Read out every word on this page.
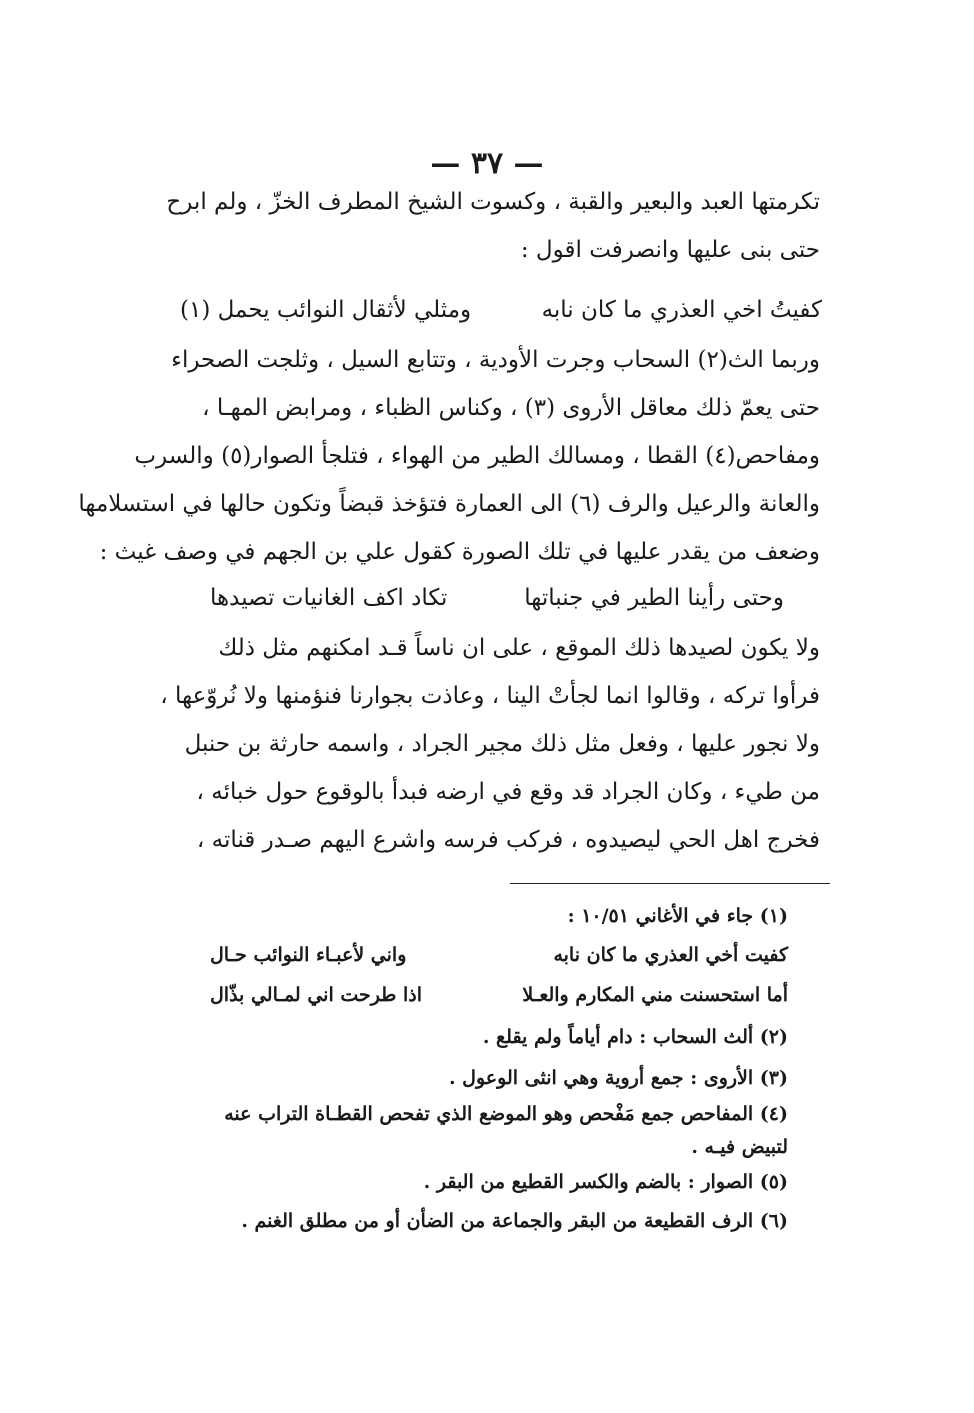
— ٣٧ —
تكرمتها العبد والبعير والقبة ، وكسوت الشيخ المطرف الخزّ ، ولم ابرح
حتى بنى عليها وانصرفت اقول :
كفيتُ اخي العذري ما كان نابه
ومثلي لأثقال النوائب يحمل (١)
وربما الث(٢) السحاب وجرت الأودية ، وتتابع السيل ، وثلجت الصحراء
حتى يعمّ ذلك معاقل الأروى (٣) ، وكناس الظباء ، ومرابض المهـا ،
ومفاحص(٤) القطا ، ومسالك الطير من الهواء ، فتلجأ الصوار(٥) والسرب
والعانة والرعيل والرف (٦) الى العمارة فتؤخذ قبضاً وتكون حالها في استسلامها
وضعف من يقدر عليها في تلك الصورة كقول علي بن الجهم في وصف غيث :
وحتى رأينا الطير في جنباتها
تكاد اكف الغانيات تصيدها
ولا يكون لصيدها ذلك الموقع ، على ان ناساً قـد امكنهم مثل ذلك
فرأوا تركه ، وقالوا انما لجأتْ الينا ، وعاذت بجوارنا فنؤمنها ولا نُروّعها ،
ولا نجور عليها ، وفعل مثل ذلك مجير الجراد ، واسمه حارثة بن حنبل
من طيء ، وكان الجراد قد وقع في ارضه فبدأ بالوقوع حول خبائه ،
فخرج اهل الحي ليصيدوه ، فركب فرسه واشرع اليهم صـدر قناته ،
(١) جاء في الأغاني ١٠/٥١ :
كفيت أخي العذري ما كان نابه
واني لأعبـاء النوائب حـال
أما استحسنت مني المكارم والعـلا
اذا طرحت اني لمـالي بذّال
(٢) ألث السحاب : دام أياماً ولم يقلع .
(٣) الأروى : جمع أروية وهي انثى الوعول .
(٤) المفاحص جمع مَفْحص وهو الموضع الذي تفحص القطـاة التراب عنه
لتبيض فيـه .
(٥) الصوار : بالضم والكسر القطيع من البقر .
(٦) الرف القطيعة من البقر والجماعة من الضأن أو من مطلق الغنم .
